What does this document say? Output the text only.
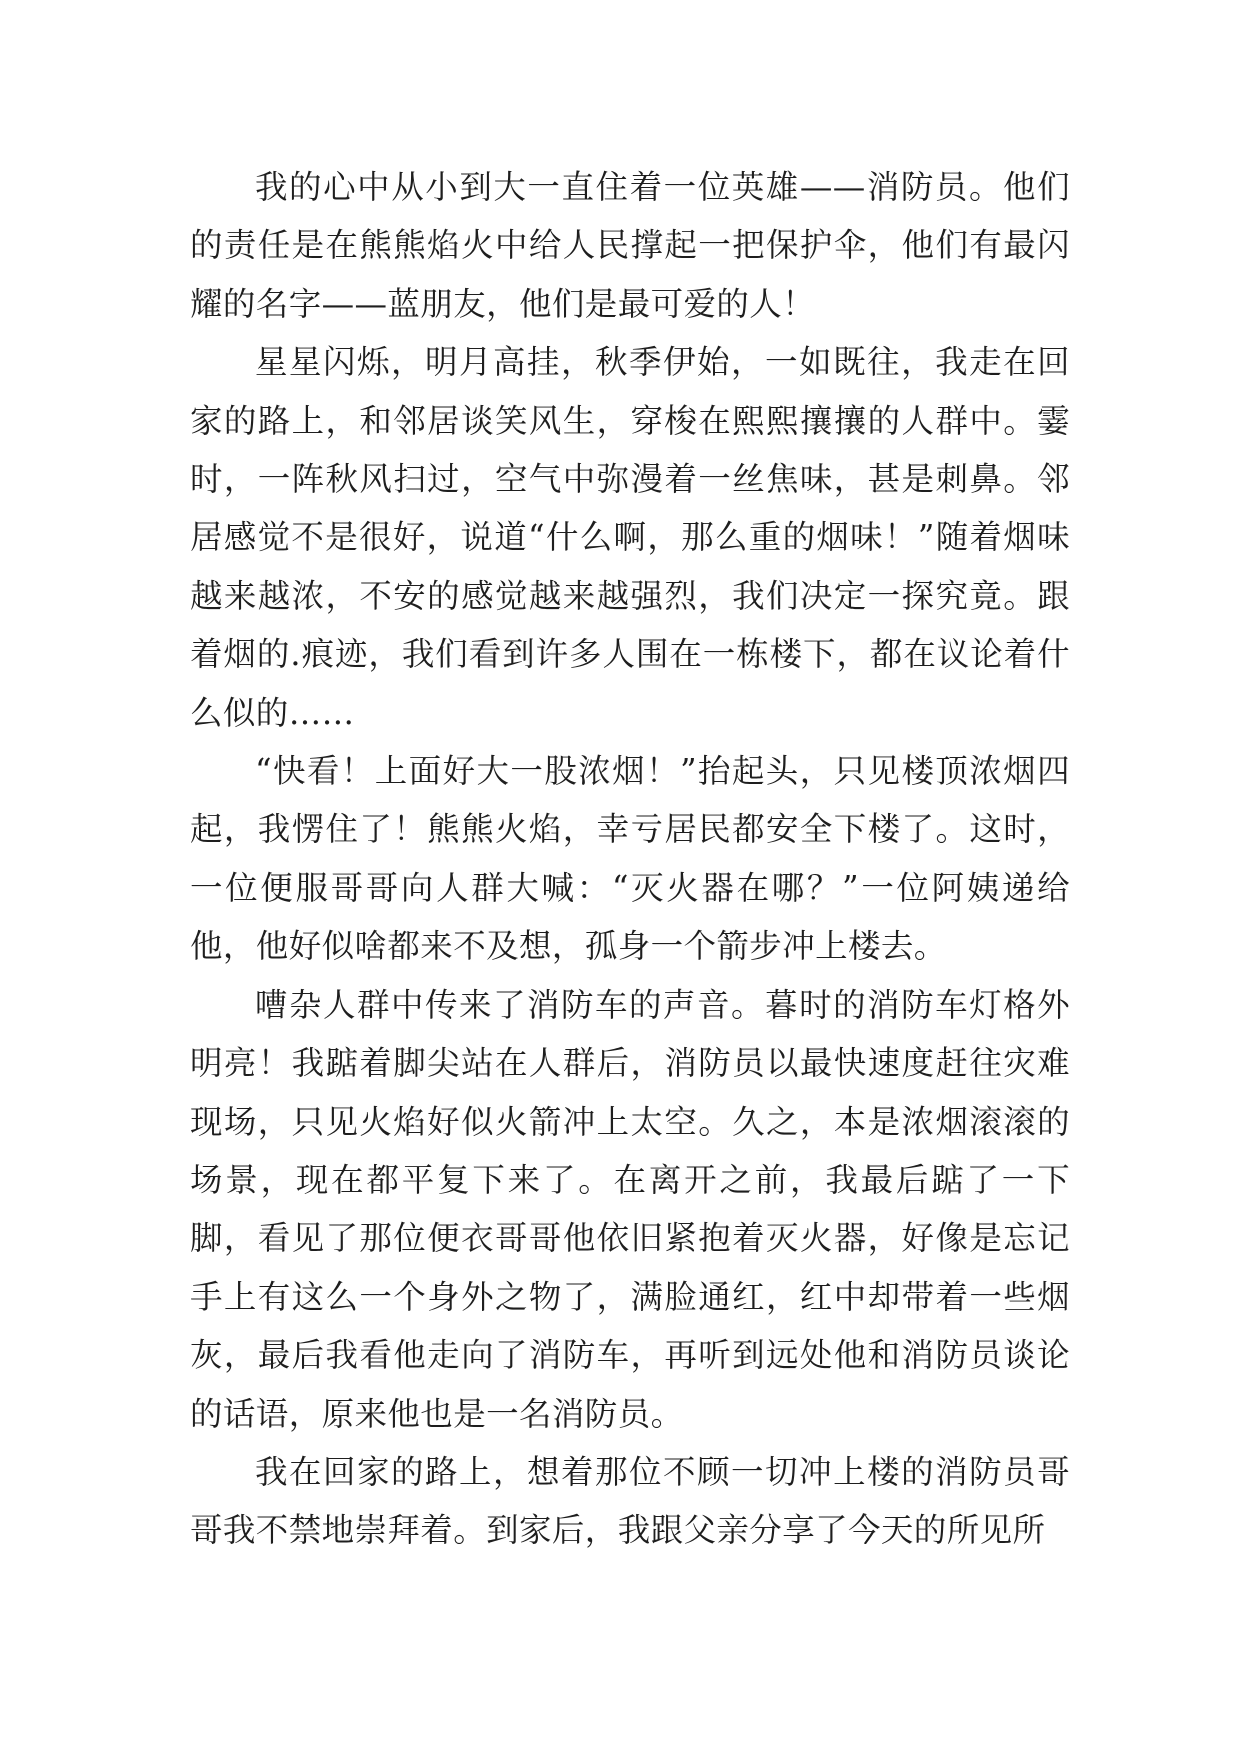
我的心中从小到大一直住着一位英雄——消防员。他们的责任是在熊熊焰火中给人民撑起一把保护伞，他们有最闪耀的名字——蓝朋友，他们是最可爱的人！

星星闪烁，明月高挂，秋季伊始，一如既往，我走在回家的路上，和邻居谈笑风生，穿梭在熙熙攘攘的人群中。霎时，一阵秋风扫过，空气中弥漫着一丝焦味，甚是刺鼻。邻居感觉不是很好，说道“什么啊，那么重的烟味！”随着烟味越来越浓，不安的感觉越来越强烈，我们决定一探究竟。跟着烟的.痕迹，我们看到许多人围在一栋楼下，都在议论着什么似的……

“快看！上面好大一股浓烟！”抬起头，只见楼顶浓烟四起，我愣住了！熊熊火焰，幸亏居民都安全下楼了。这时，一位便服哥哥向人群大喊：“灭火器在哪？”一位阿姨递给他，他好似啥都来不及想，孤身一个箭步冲上楼去。

嘈杂人群中传来了消防车的声音。暮时的消防车灯格外明亮！我踮着脚尖站在人群后，消防员以最快速度赶往灾难现场，只见火焰好似火箭冲上太空。久之，本是浓烟滚滚的场景，现在都平复下来了。在离开之前，我最后踮了一下脚，看见了那位便衣哥哥他依旧紧抱着灭火器，好像是忘记手上有这么一个身外之物了，满脸通红，红中却带着一些烟灰，最后我看他走向了消防车，再听到远处他和消防员谈论的话语，原来他也是一名消防员。

我在回家的路上，想着那位不顾一切冲上楼的消防员哥哥我不禁地崇拜着。到家后，我跟父亲分享了今天的所见所
